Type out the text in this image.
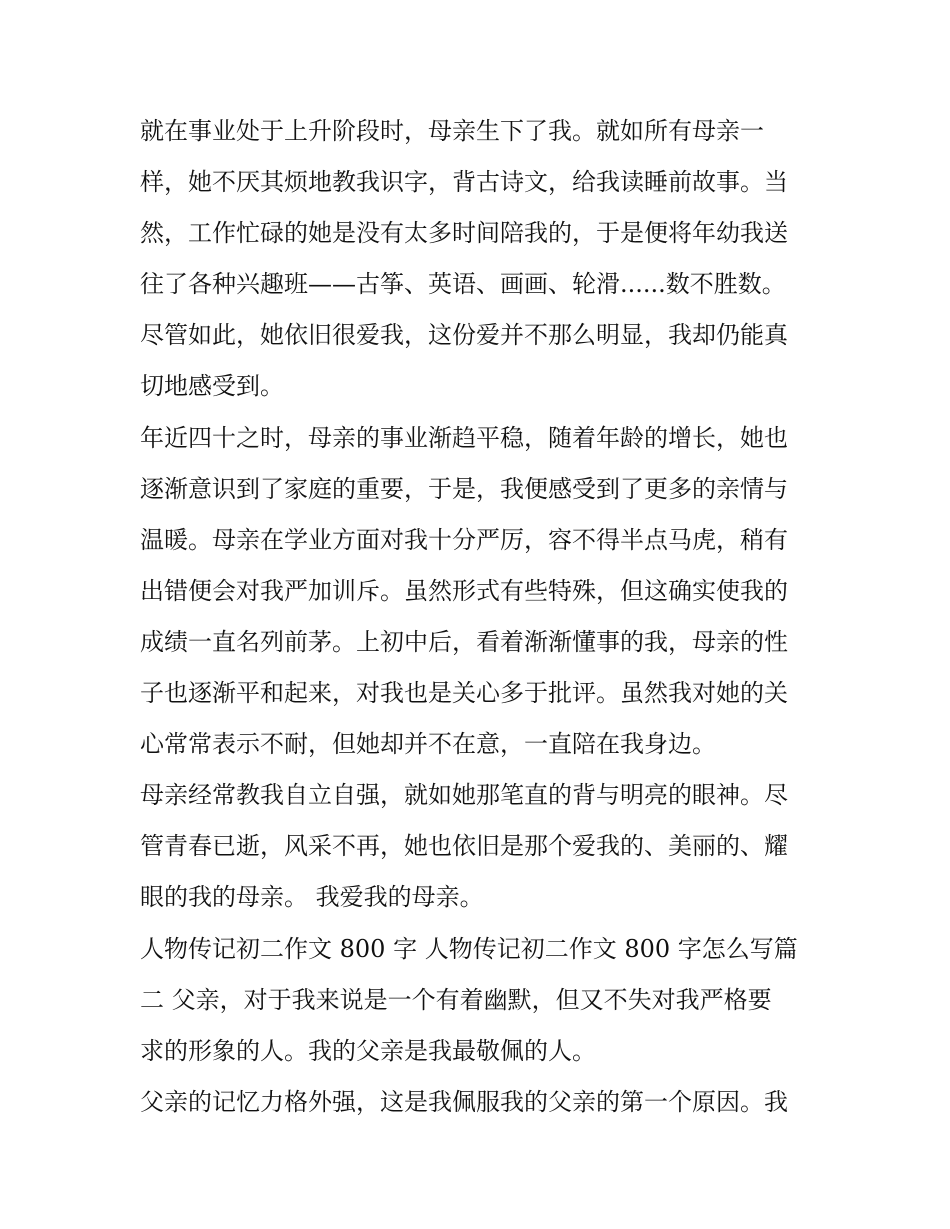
就在事业处于上升阶段时，母亲生下了我。就如所有母亲一
样，她不厌其烦地教我识字，背古诗文，给我读睡前故事。当
然，工作忙碌的她是没有太多时间陪我的，于是便将年幼我送
往了各种兴趣班——古筝、英语、画画、轮滑......数不胜数。
尽管如此，她依旧很爱我，这份爱并不那么明显，我却仍能真
切地感受到。
年近四十之时，母亲的事业渐趋平稳，随着年龄的增长，她也
逐渐意识到了家庭的重要，于是，我便感受到了更多的亲情与
温暖。母亲在学业方面对我十分严厉，容不得半点马虎，稍有
出错便会对我严加训斥。虽然形式有些特殊，但这确实使我的
成绩一直名列前茅。上初中后，看着渐渐懂事的我，母亲的性
子也逐渐平和起来，对我也是关心多于批评。虽然我对她的关
心常常表示不耐，但她却并不在意，一直陪在我身边。
母亲经常教我自立自强，就如她那笔直的背与明亮的眼神。尽
管青春已逝，风采不再，她也依旧是那个爱我的、美丽的、耀
眼的我的母亲。 我爱我的母亲。
人物传记初二作文 800 字 人物传记初二作文 800 字怎么写篇
二 父亲，对于我来说是一个有着幽默，但又不失对我严格要
求的形象的人。我的父亲是我最敬佩的人。
父亲的记忆力格外强，这是我佩服我的父亲的第一个原因。我
